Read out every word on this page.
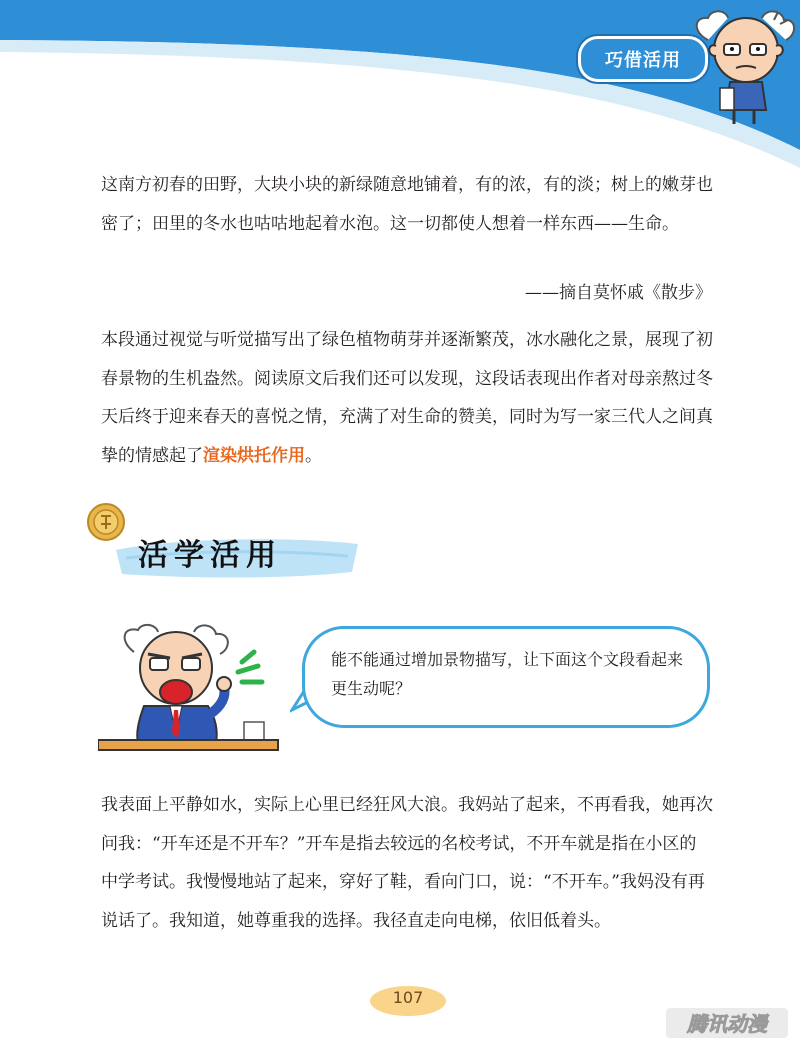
巧借活用

这南方初春的田野，大块小块的新绿随意地铺着，有的浓，有的淡；树上的嫩芽也密了；田里的冬水也咕咕地起着水泡。这一切都使人想着一样东西——生命。

——摘自莫怀戚《散步》

本段通过视觉与听觉描写出了绿色植物萌芽并逐渐繁茂，冰水融化之景，展现了初春景物的生机盎然。阅读原文后我们还可以发现，这段话表现出作者对母亲熬过冬天后终于迎来春天的喜悦之情，充满了对生命的赞美，同时为写一家三代人之间真挚的情感起了渲染烘托作用。

活学活用

能不能通过增加景物描写，让下面这个文段看起来更生动呢？

我表面上平静如水，实际上心里已经狂风大浪。我妈站了起来，不再看我，她再次问我：“开车还是不开车？”开车是指去较远的名校考试，不开车就是指在小区的中学考试。我慢慢地站了起来，穿好了鞋，看向门口，说：“不开车。”我妈没有再说话了。我知道，她尊重我的选择。我径直走向电梯，依旧低着头。

107
腾讯动漫
